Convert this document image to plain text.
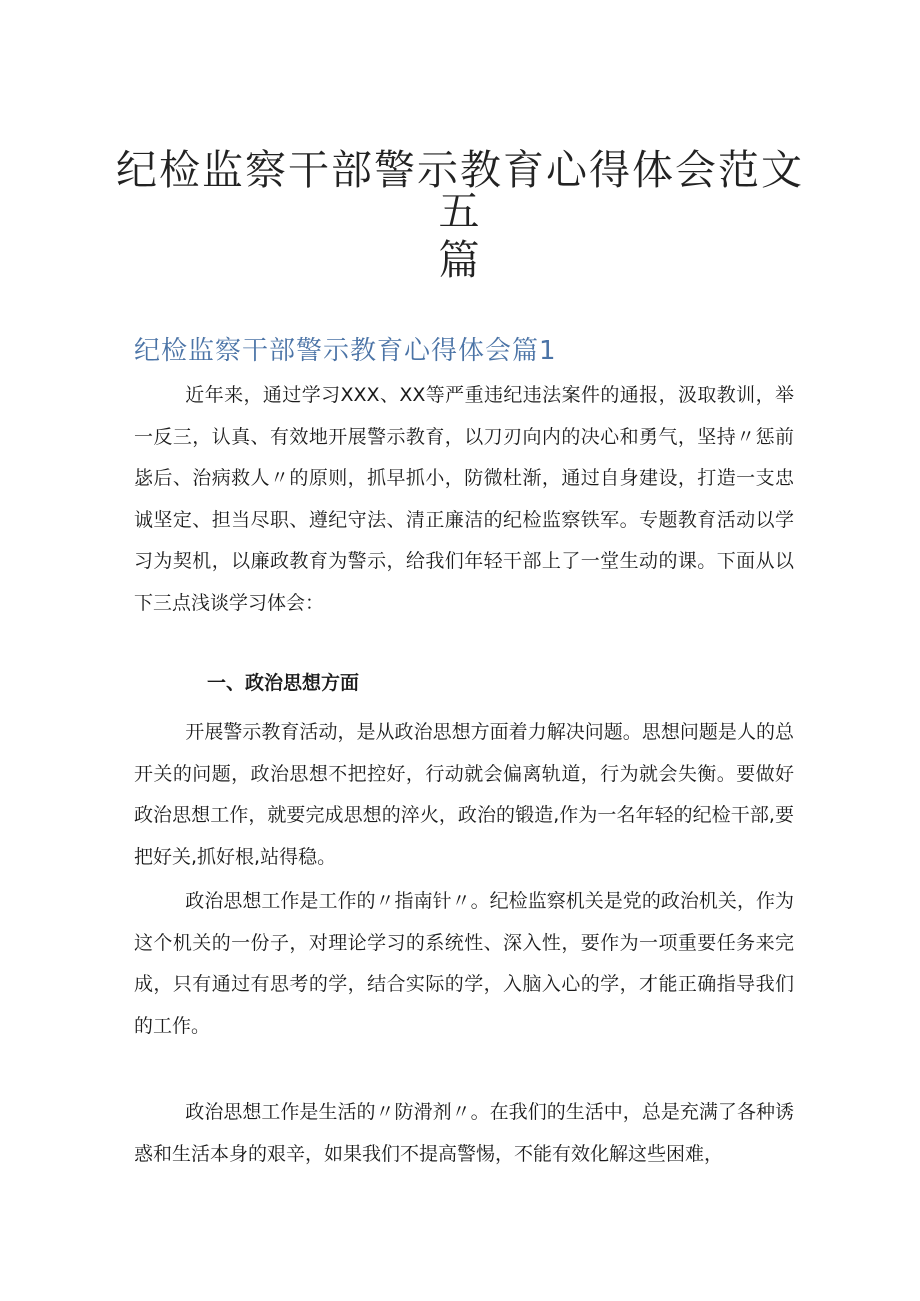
纪检监察干部警示教育心得体会范文五
篇
纪检监察干部警示教育心得体会篇1

近年来，通过学习XXX、XX等严重违纪违法案件的通报，汲取教训，举一反三，认真、有效地开展警示教育，以刀刃向内的决心和勇气，坚持〃惩前毖后、治病救人〃的原则，抓早抓小，防微杜渐，通过自身建设，打造一支忠诚坚定、担当尽职、遵纪守法、清正廉洁的纪检监察铁军。专题教育活动以学习为契机，以廉政教育为警示，给我们年轻干部上了一堂生动的课。下面从以下三点浅谈学习体会：

一、政治思想方面

开展警示教育活动，是从政治思想方面着力解决问题。思想问题是人的总开关的问题，政治思想不把控好，行动就会偏离轨道，行为就会失衡。要做好政治思想工作，就要完成思想的淬火，政治的锻造,作为一名年轻的纪检干部,要把好关,抓好根,站得稳。

政治思想工作是工作的〃指南针〃。纪检监察机关是党的政治机关，作为这个机关的一份子，对理论学习的系统性、深入性，要作为一项重要任务来完成，只有通过有思考的学，结合实际的学，入脑入心的学，才能正确指导我们的工作。

政治思想工作是生活的〃防滑剂〃。在我们的生活中，总是充满了各种诱惑和生活本身的艰辛，如果我们不提高警惕，不能有效化解这些困难，
